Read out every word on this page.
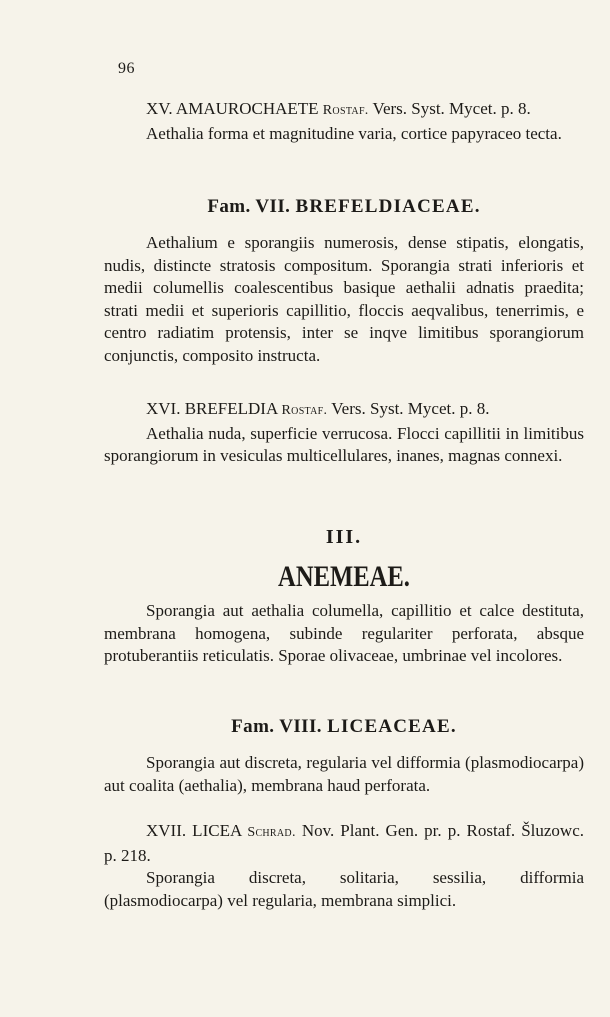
96

XV. AMAUROCHAETE Rostaf. Vers. Syst. Mycet. p. 8.

Aethalia forma et magnitudine varia, cortice papyraceo tecta.

Fam. VII. BREFELDIACEAE.

Aethalium e sporangiis numerosis, dense stipatis, elongatis, nudis, distincte stratosis compositum. Sporangia strati inferioris et medii columellis coalescentibus basique aethalii adnatis praedita; strati medii et superioris capillitio, floccis aeqvalibus, tenerrimis, e centro radiatim protensis, inter se inqve limitibus sporangiorum conjunctis, composito instructa.

XVI. BREFELDIA Rostaf. Vers. Syst. Mycet. p. 8.

Aethalia nuda, superficie verrucosa. Flocci capillitii in limitibus sporangiorum in vesiculas multicellulares, inanes, magnas connexi.

III.
ANEMEAE.

Sporangia aut aethalia columella, capillitio et calce destituta, membrana homogena, subinde regulariter perforata, absque protuberantiis reticulatis. Sporae olivaceae, umbrinae vel incolores.

Fam. VIII. LICEACEAE.

Sporangia aut discreta, regularia vel difformia (plasmodiocarpa) aut coalita (aethalia), membrana haud perforata.

XVII. LICEA Schrad. Nov. Plant. Gen. pr. p. Rostaf. Šluzowc. p. 218.

Sporangia discreta, solitaria, sessilia, difformia (plasmodiocarpa) vel regularia, membrana simplici.
